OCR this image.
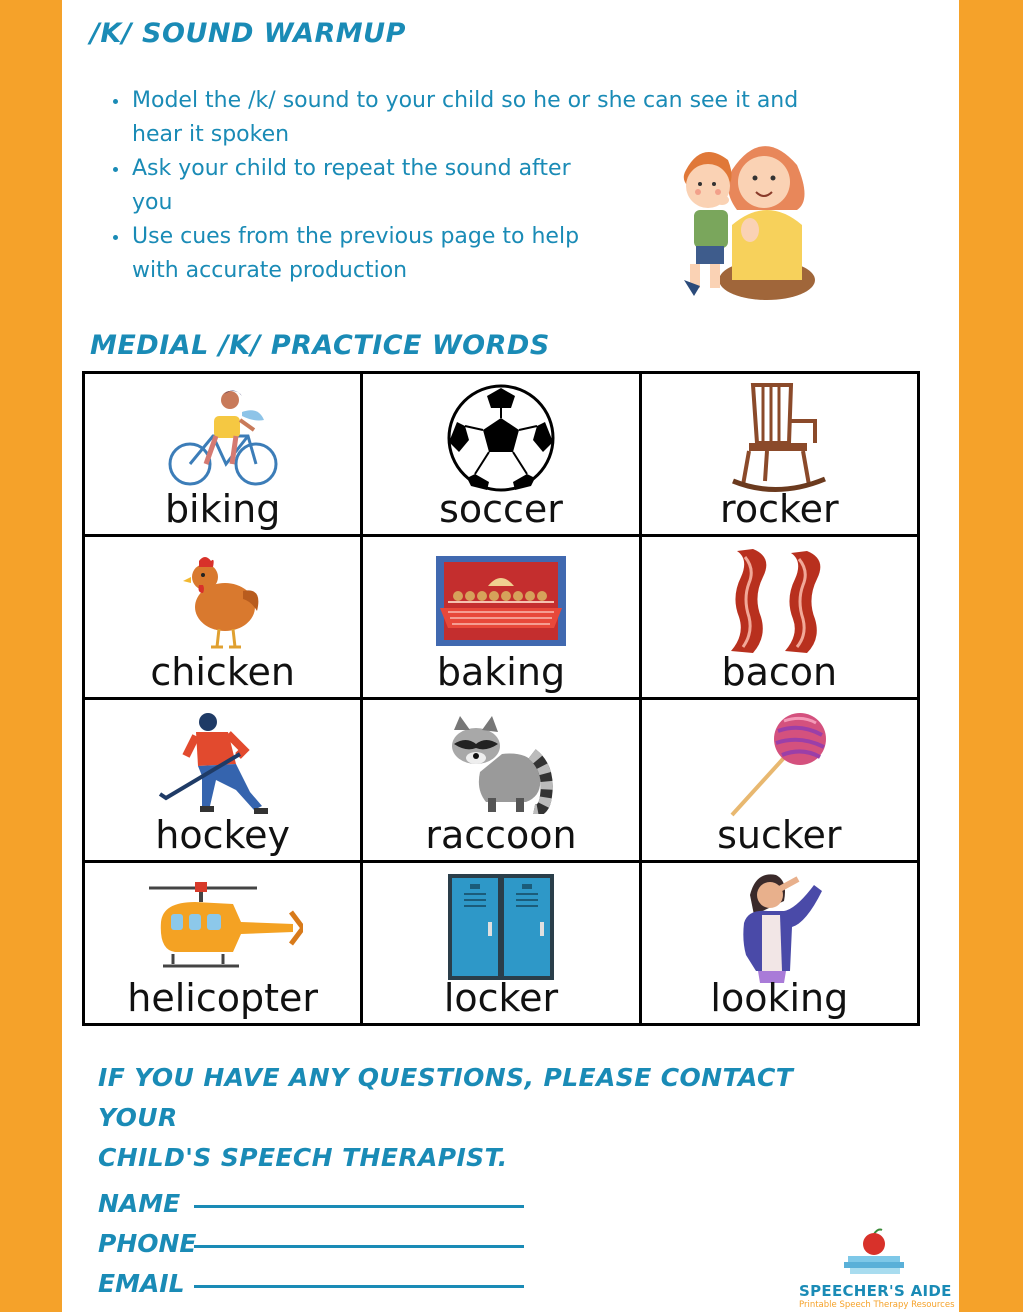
/K/ SOUND WARMUP
• Model the /k/ sound to your child so he or she can see it and hear it spoken
• Ask your child to repeat the sound after you
• Use cues from the previous page to help with accurate production
MEDIAL /K/ PRACTICE WORDS
biking	soccer	rocker

chicken	baking	bacon

hockey	raccoon	sucker

helicopter	locker	looking

IF YOU HAVE ANY QUESTIONS, PLEASE CONTACT YOUR

CHILD'S SPEECH THERAPIST.

NAME
PHONE
EMAIL	SPEECHER'S AIDE
Printable Speech Therapy Resources
